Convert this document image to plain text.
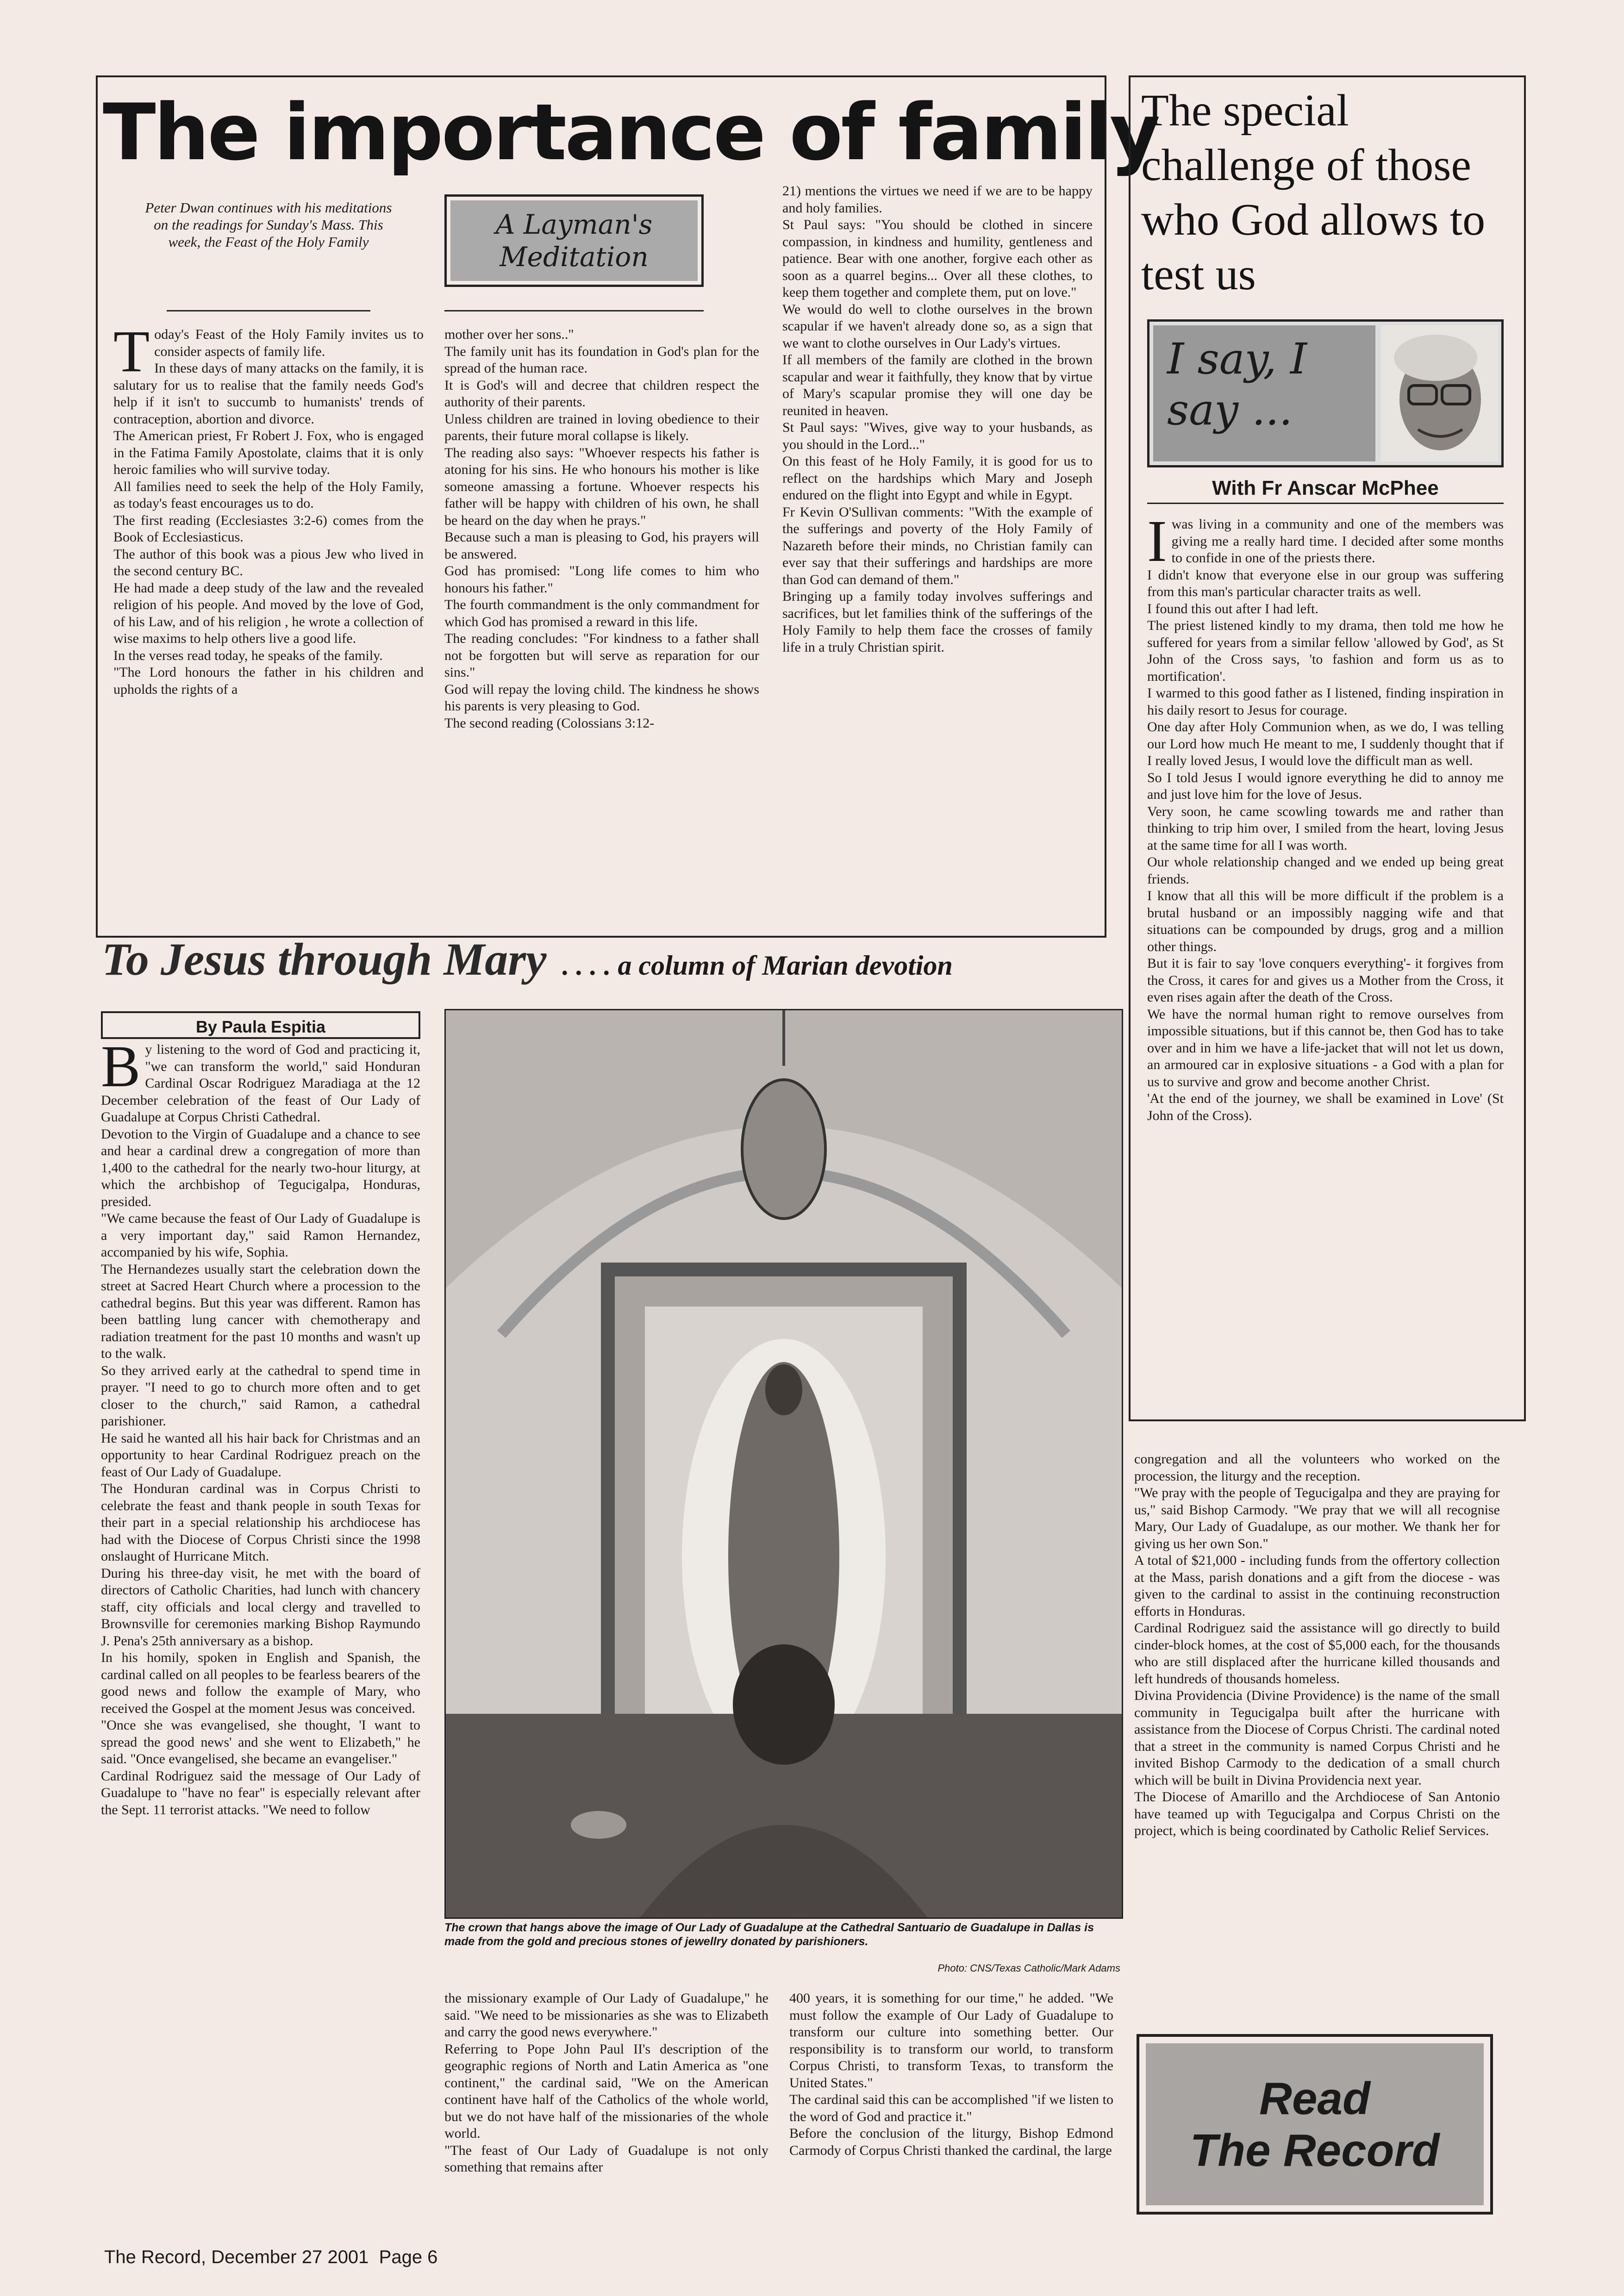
The importance of family
Peter Dwan continues with his meditations on the readings for Sunday's Mass. This week, the Feast of the Holy Family
A Layman's Meditation

Today's Feast of the Holy Family invites us to consider aspects of family life.

In these days of many attacks on the family, it is salutary for us to realise that the family needs God's help if it isn't to succumb to humanists' trends of contraception, abortion and divorce.

The American priest, Fr Robert J. Fox, who is engaged in the Fatima Family Apostolate, claims that it is only heroic families who will survive today.

All families need to seek the help of the Holy Family, as today's feast encourages us to do.

The first reading (Ecclesiastes 3:2-6) comes from the Book of Ecclesiasticus.

The author of this book was a pious Jew who lived in the second century BC.

He had made a deep study of the law and the revealed religion of his people. And moved by the love of God, of his Law, and of his religion , he wrote a collection of wise maxims to help others live a good life.

In the verses read today, he speaks of the family.

"The Lord honours the father in his children and upholds the rights of a

mother over her sons.."

The family unit has its foundation in God's plan for the spread of the human race.

It is God's will and decree that children respect the authority of their parents.

Unless children are trained in loving obedience to their parents, their future moral collapse is likely.

The reading also says: "Whoever respects his father is atoning for his sins. He who honours his mother is like someone amassing a fortune. Whoever respects his father will be happy with children of his own, he shall be heard on the day when he prays."

Because such a man is pleasing to God, his prayers will be answered.

God has promised: "Long life comes to him who honours his father."

The fourth commandment is the only commandment for which God has promised a reward in this life.

The reading concludes: "For kindness to a father shall not be forgotten but will serve as reparation for our sins."

God will repay the loving child. The kindness he shows his parents is very pleasing to God.

The second reading (Colossians 3:12-

21) mentions the virtues we need if we are to be happy and holy families.

St Paul says: "You should be clothed in sincere compassion, in kindness and humility, gentleness and patience. Bear with one another, forgive each other as soon as a quarrel begins... Over all these clothes, to keep them together and complete them, put on love."

We would do well to clothe ourselves in the brown scapular if we haven't already done so, as a sign that we want to clothe ourselves in Our Lady's virtues.

If all members of the family are clothed in the brown scapular and wear it faithfully, they know that by virtue of Mary's scapular promise they will one day be reunited in heaven.

St Paul says: "Wives, give way to your husbands, as you should in the Lord..."

On this feast of he Holy Family, it is good for us to reflect on the hardships which Mary and Joseph endured on the flight into Egypt and while in Egypt.

Fr Kevin O'Sullivan comments: "With the example of the sufferings and poverty of the Holy Family of Nazareth before their minds, no Christian family can ever say that their sufferings and hardships are more than God can demand of them."

Bringing up a family today involves sufferings and sacrifices, but let families think of the sufferings of the Holy Family to help them face the crosses of family life in a truly Christian spirit.

The special challenge of those who God allows to test us
I say, I say ...
With Fr Anscar McPhee

Iwas living in a community and one of the members was giving me a really hard time. I decided after some months to confide in one of the priests there.

I didn't know that everyone else in our group was suffering from this man's particular character traits as well.

I found this out after I had left.

The priest listened kindly to my drama, then told me how he suffered for years from a similar fellow 'allowed by God', as St John of the Cross says, 'to fashion and form us as to mortification'.

I warmed to this good father as I listened, finding inspiration in his daily resort to Jesus for courage.

One day after Holy Communion when, as we do, I was telling our Lord how much He meant to me, I suddenly thought that if I really loved Jesus, I would love the difficult man as well.

So I told Jesus I would ignore everything he did to annoy me and just love him for the love of Jesus.

Very soon, he came scowling towards me and rather than thinking to trip him over, I smiled from the heart, loving Jesus at the same time for all I was worth.

Our whole relationship changed and we ended up being great friends.

I know that all this will be more difficult if the problem is a brutal husband or an impossibly nagging wife and that situations can be compounded by drugs, grog and a million other things.

But it is fair to say 'love conquers everything'- it forgives from the Cross, it cares for and gives us a Mother from the Cross, it even rises again after the death of the Cross.

We have the normal human right to remove ourselves from impossible situations, but if this cannot be, then God has to take over and in him we have a life-jacket that will not let us down, an armoured car in explosive situations - a God with a plan for us to survive and grow and become another Christ.

'At the end of the journey, we shall be examined in Love' (St John of the Cross).

To Jesus through Mary . . . . a column of Marian devotion
By Paula Espitia

By listening to the word of God and practicing it, "we can transform the world," said Honduran Cardinal Oscar Rodriguez Maradiaga at the 12 December celebration of the feast of Our Lady of Guadalupe at Corpus Christi Cathedral.

Devotion to the Virgin of Guadalupe and a chance to see and hear a cardinal drew a congregation of more than 1,400 to the cathedral for the nearly two-hour liturgy, at which the archbishop of Tegucigalpa, Honduras, presided.

"We came because the feast of Our Lady of Guadalupe is a very important day," said Ramon Hernandez, accompanied by his wife, Sophia.

The Hernandezes usually start the celebration down the street at Sacred Heart Church where a procession to the cathedral begins. But this year was different. Ramon has been battling lung cancer with chemotherapy and radiation treatment for the past 10 months and wasn't up to the walk.

So they arrived early at the cathedral to spend time in prayer. "I need to go to church more often and to get closer to the church," said Ramon, a cathedral parishioner.

He said he wanted all his hair back for Christmas and an opportunity to hear Cardinal Rodriguez preach on the feast of Our Lady of Guadalupe.

The Honduran cardinal was in Corpus Christi to celebrate the feast and thank people in south Texas for their part in a special relationship his archdiocese has had with the Diocese of Corpus Christi since the 1998 onslaught of Hurricane Mitch.

During his three-day visit, he met with the board of directors of Catholic Charities, had lunch with chancery staff, city officials and local clergy and travelled to Brownsville for ceremonies marking Bishop Raymundo J. Pena's 25th anniversary as a bishop.

In his homily, spoken in English and Spanish, the cardinal called on all peoples to be fearless bearers of the good news and follow the example of Mary, who received the Gospel at the moment Jesus was conceived.

"Once she was evangelised, she thought, 'I want to spread the good news' and she went to Elizabeth," he said. "Once evangelised, she became an evangeliser."

Cardinal Rodriguez said the message of Our Lady of Guadalupe to "have no fear" is especially relevant after the Sept. 11 terrorist attacks. "We need to follow

The crown that hangs above the image of Our Lady of Guadalupe at the Cathedral Santuario de Guadalupe in Dallas is made from the gold and precious stones of jewellry donated by parishioners.
Photo: CNS/Texas Catholic/Mark Adams

the missionary example of Our Lady of Guadalupe," he said. "We need to be missionaries as she was to Elizabeth and carry the good news everywhere."

Referring to Pope John Paul II's description of the geographic regions of North and Latin America as "one continent," the cardinal said, "We on the American continent have half of the Catholics of the whole world, but we do not have half of the missionaries of the whole world.

"The feast of Our Lady of Guadalupe is not only something that remains after

400 years, it is something for our time," he added. "We must follow the example of Our Lady of Guadalupe to transform our culture into something better. Our responsibility is to transform our world, to transform Corpus Christi, to transform Texas, to transform the United States."

The cardinal said this can be accomplished "if we listen to the word of God and practice it."

Before the conclusion of the liturgy, Bishop Edmond Carmody of Corpus Christi thanked the cardinal, the large

congregation and all the volunteers who worked on the procession, the liturgy and the reception.

"We pray with the people of Tegucigalpa and they are praying for us," said Bishop Carmody. "We pray that we will all recognise Mary, Our Lady of Guadalupe, as our mother. We thank her for giving us her own Son."

A total of $21,000 - including funds from the offertory collection at the Mass, parish donations and a gift from the diocese - was given to the cardinal to assist in the continuing reconstruction efforts in Honduras.

Cardinal Rodriguez said the assistance will go directly to build cinder-block homes, at the cost of $5,000 each, for the thousands who are still displaced after the hurricane killed thousands and left hundreds of thousands homeless.

Divina Providencia (Divine Providence) is the name of the small community in Tegucigalpa built after the hurricane with assistance from the Diocese of Corpus Christi. The cardinal noted that a street in the community is named Corpus Christi and he invited Bishop Carmody to the dedication of a small church which will be built in Divina Providencia next year.

The Diocese of Amarillo and the Archdiocese of San Antonio have teamed up with Tegucigalpa and Corpus Christi on the project, which is being coordinated by Catholic Relief Services.

Read
The Record
The Record, December 27 2001  Page 6
